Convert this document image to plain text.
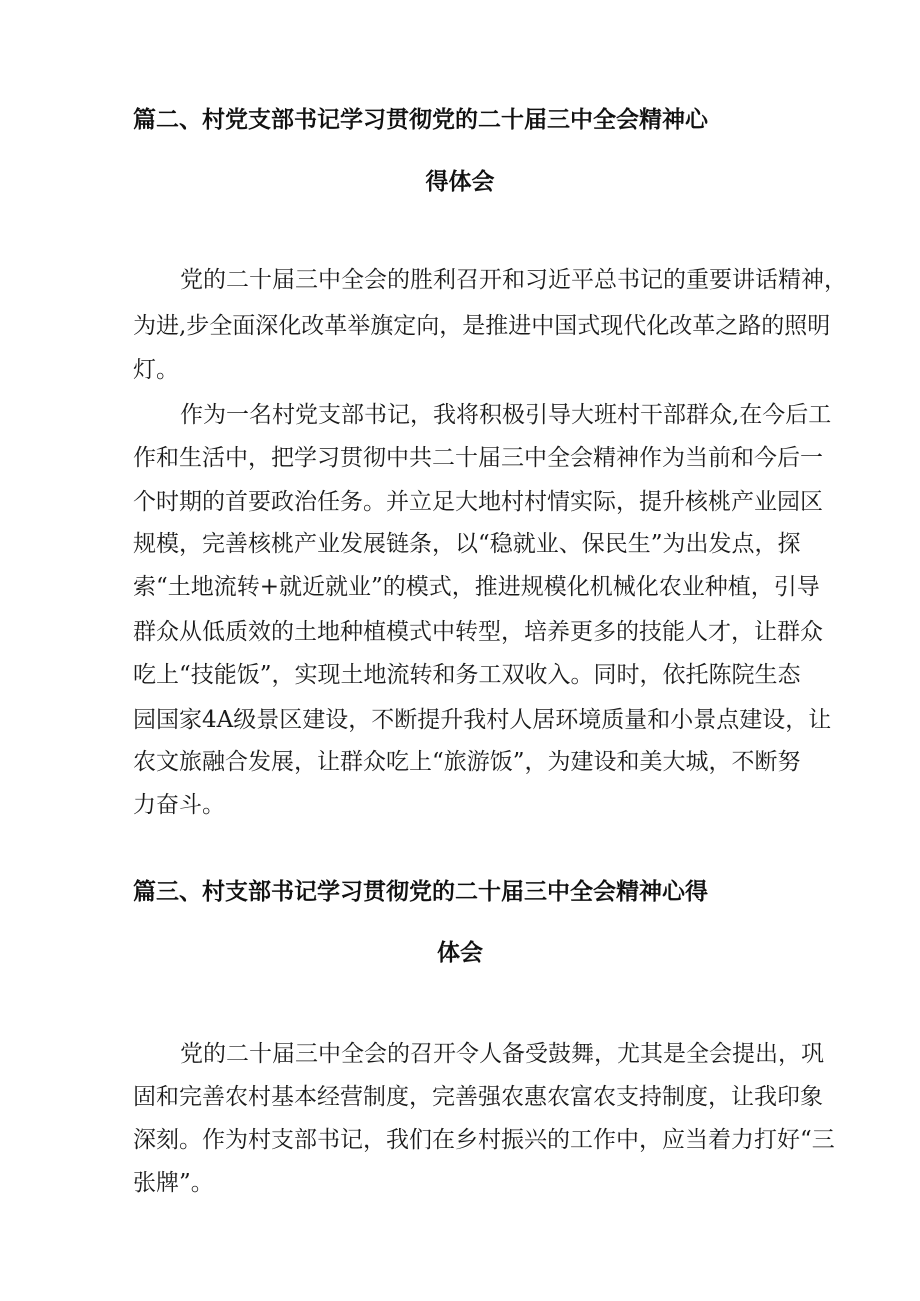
篇二、村党支部书记学习贯彻党的二十届三中全会精神心
得体会

党的二十届三中全会的胜利召开和习近平总书记的重要讲话精神，

为进,步全面深化改革举旗定向，是推进中国式现代化改革之路的照明

灯。

作为一名村党支部书记，我将积极引导大班村干部群众,在今后工

作和生活中，把学习贯彻中共二十届三中全会精神作为当前和今后一

个时期的首要政治任务。并立足大地村村情实际，提升核桃产业园区

规模，完善核桃产业发展链条，以“稳就业、保民生”为出发点，探

索“土地流转+就近就业”的模式，推进规模化机械化农业种植，引导

群众从低质效的土地种植模式中转型，培养更多的技能人才，让群众

吃上“技能饭”，实现土地流转和务工双收入。同时，依托陈院生态

园国家4A级景区建设，不断提升我村人居环境质量和小景点建设，让

农文旅融合发展，让群众吃上“旅游饭”，为建设和美大城，不断努

力奋斗。

篇三、村支部书记学习贯彻党的二十届三中全会精神心得
体会

党的二十届三中全会的召开令人备受鼓舞，尤其是全会提出，巩

固和完善农村基本经营制度，完善强农惠农富农支持制度，让我印象

深刻。作为村支部书记，我们在乡村振兴的工作中，应当着力打好“三

张牌”。
